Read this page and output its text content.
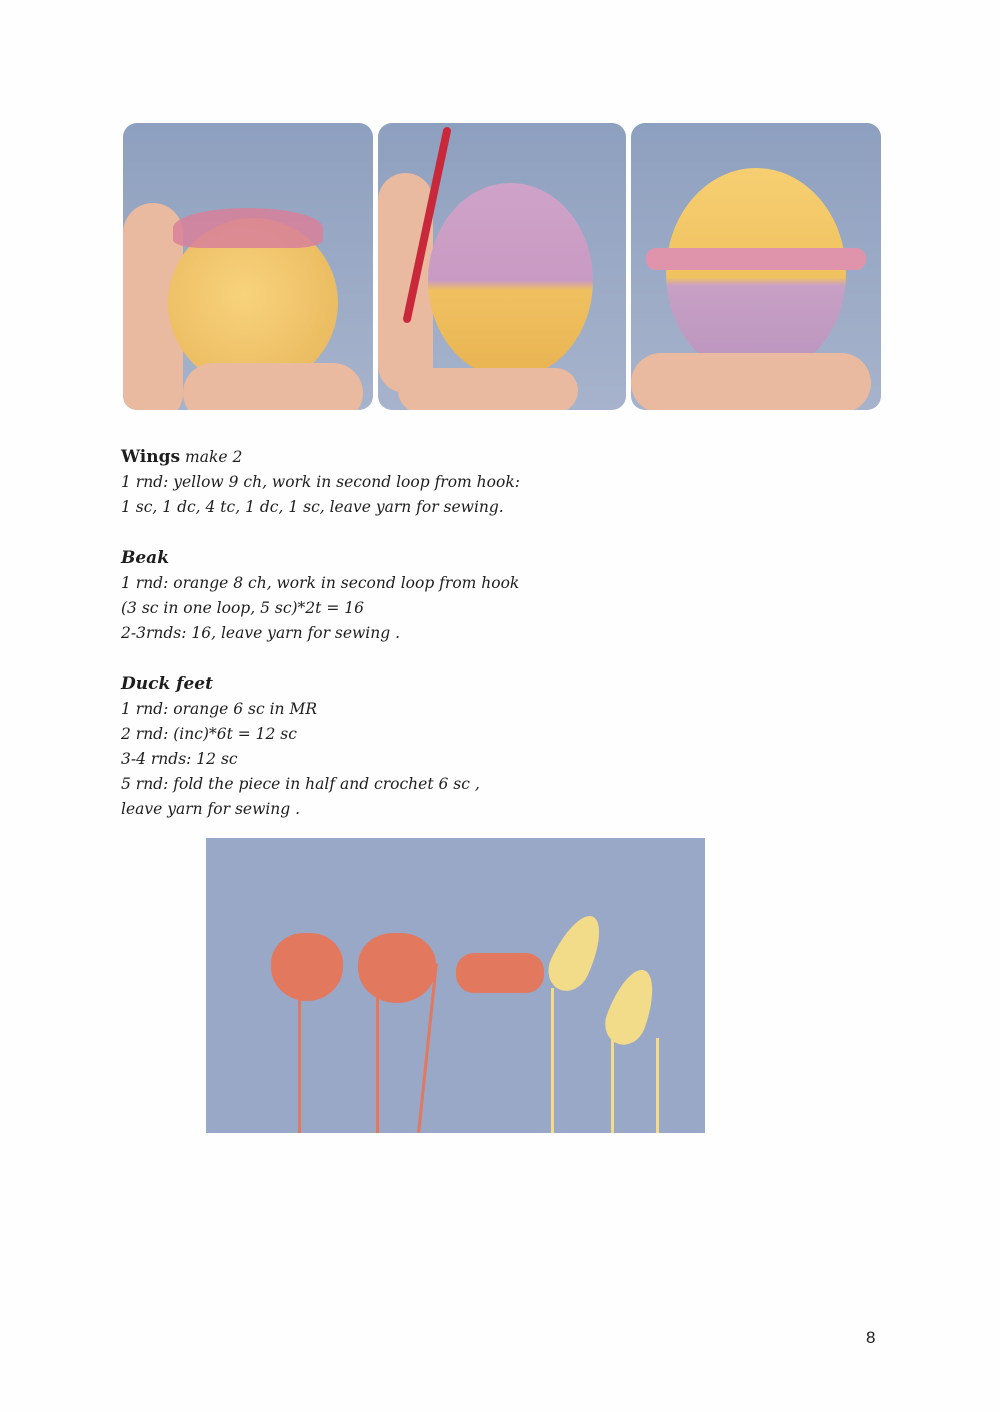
Wings make 2
1 rnd: yellow 9 ch, work in second loop from hook:
1 sc, 1 dc, 4 tc, 1 dc, 1 sc, leave yarn for sewing.
Beak
1 rnd: orange 8 ch, work in second loop from hook
(3 sc in one loop, 5 sc)*2t = 16
2-3rnds: 16, leave yarn for sewing .
Duck feet
1 rnd: orange 6 sc in MR
2 rnd: (inc)*6t = 12 sc
3-4 rnds: 12 sc
5 rnd: fold the piece in half and crochet 6 sc ,
leave yarn for sewing .
8
